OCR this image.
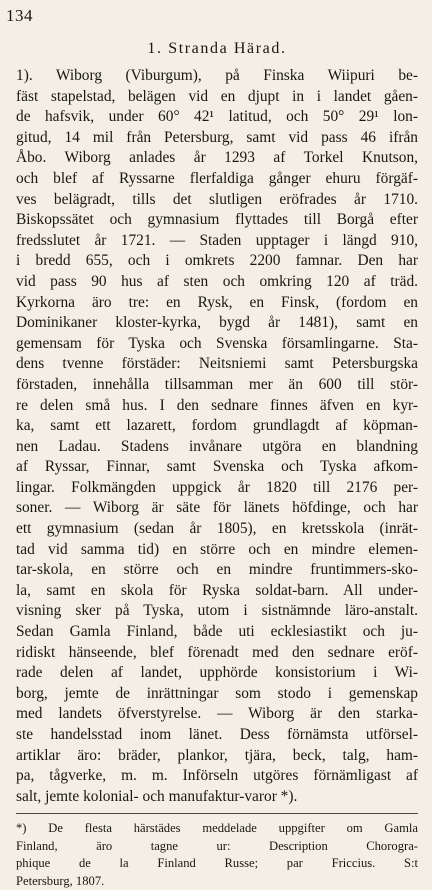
134
1. Stranda Härad.
1). Wiborg (Viburgum), på Finska Wiipuri be-
fäst stapelstad, belägen vid en djupt in i landet gåen-
de hafsvik, under 60° 42¹ latitud, och 50° 29¹ lon-
gitud, 14 mil från Petersburg, samt vid pass 46 ifrån
Åbo. Wiborg anlades år 1293 af Torkel Knutson,
och blef af Ryssarne flerfaldiga gånger ehuru förgäf-
ves belägradt, tills det slutligen eröfrades år 1710.
Biskopssätet och gymnasium flyttades till Borgå efter
fredsslutet år 1721. — Staden upptager i längd 910,
i bredd 655, och i omkrets 2200 famnar. Den har
vid pass 90 hus af sten och omkring 120 af träd.
Kyrkorna äro tre: en Rysk, en Finsk, (fordom en
Dominikaner kloster-kyrka, bygd år 1481), samt en
gemensam för Tyska och Svenska församlingarne. Sta-
dens tvenne förstäder: Neitsniemi samt Petersburgska
förstaden, innehålla tillsamman mer än 600 till stör-
re delen små hus. I den sednare finnes äfven en kyr-
ka, samt ett lazarett, fordom grundlagdt af köpman-
nen Ladau. Stadens invånare utgöra en blandning
af Ryssar, Finnar, samt Svenska och Tyska afkom-
lingar. Folkmängden uppgick år 1820 till 2176 per-
soner. — Wiborg är säte för länets höfdinge, och har
ett gymnasium (sedan år 1805), en kretsskola (inrät-
tad vid samma tid) en större och en mindre elemen-
tar-skola, en större och en mindre fruntimmers-sko-
la, samt en skola för Ryska soldat-barn. All under-
visning sker på Tyska, utom i sistnämnde läro-anstalt.
Sedan Gamla Finland, både uti ecklesiastikt och ju-
ridiskt hänseende, blef förenadt med den sednare eröf-
rade delen af landet, upphörde konsistorium i Wi-
borg, jemte de inrättningar som stodo i gemenskap
med landets öfverstyrelse. — Wiborg är den starka-
ste handelsstad inom länet. Dess förnämsta utförsel-
artiklar äro: bräder, plankor, tjära, beck, talg, ham-
pa, tågverke, m. m. Införseln utgöres förnämligast af
salt, jemte kolonial- och manufaktur-varor *).
*) De flesta härstädes meddelade uppgifter om Gamla
Finland, äro tagne ur: Description Chorogra-
phique de la Finland Russe; par Friccius. S:t
Petersburg, 1807.
